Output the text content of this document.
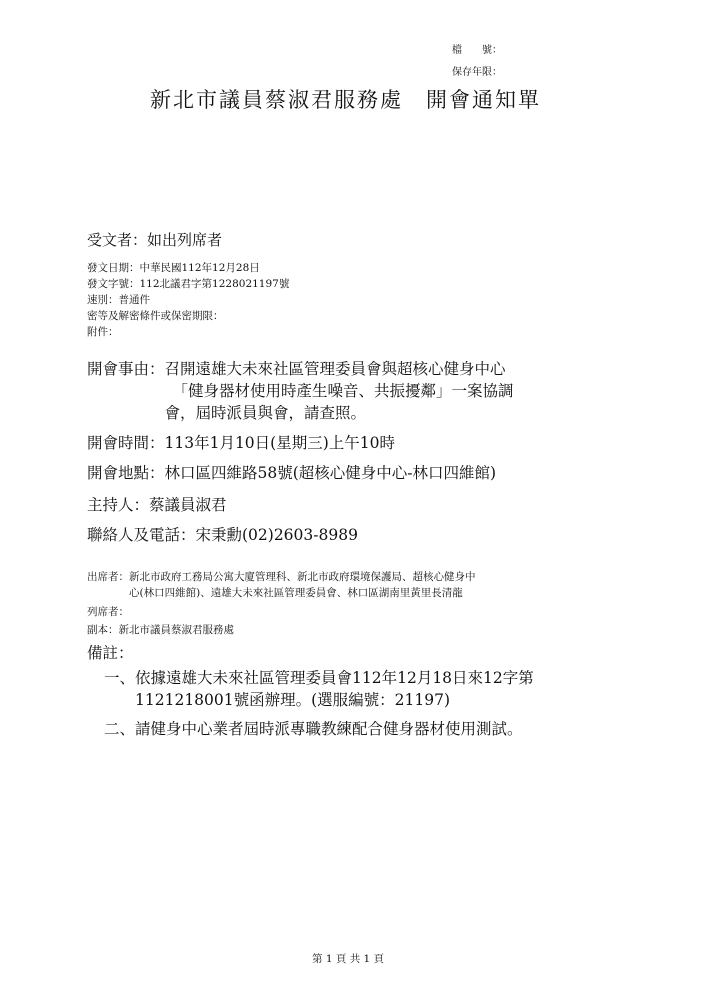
檔　　號：
保存年限：
新北市議員蔡淑君服務處　開會通知單
受文者：如出列席者
發文日期：中華民國112年12月28日
發文字號：112北議君字第1228021197號
速別：普通件
密等及解密條件或保密期限：
附件：
開會事由： 召開遠雄大未來社區管理委員會與超核心健身中心
「健身器材使用時產生噪音、共振擾鄰」一案協調
會，屆時派員與會，請查照。
開會時間：113年1月10日(星期三)上午10時
開會地點：林口區四維路58號(超核心健身中心-林口四維館)
主持人：蔡議員淑君
聯絡人及電話：宋秉勳(02)2603-8989
出席者： 新北市政府工務局公寓大廈管理科、新北市政府環境保護局、超核心健身中
心(林口四維館)、遠雄大未來社區管理委員會、林口區湖南里黃里長清龍
列席者：
副本：新北市議員蔡淑君服務處
備註：
一、 依據遠雄大未來社區管理委員會112年12月18日來12字第
1121218001號函辦理。(選服編號：21197)
二、 請健身中心業者屆時派專職教練配合健身器材使用測試。
第 1 頁 共 1 頁
